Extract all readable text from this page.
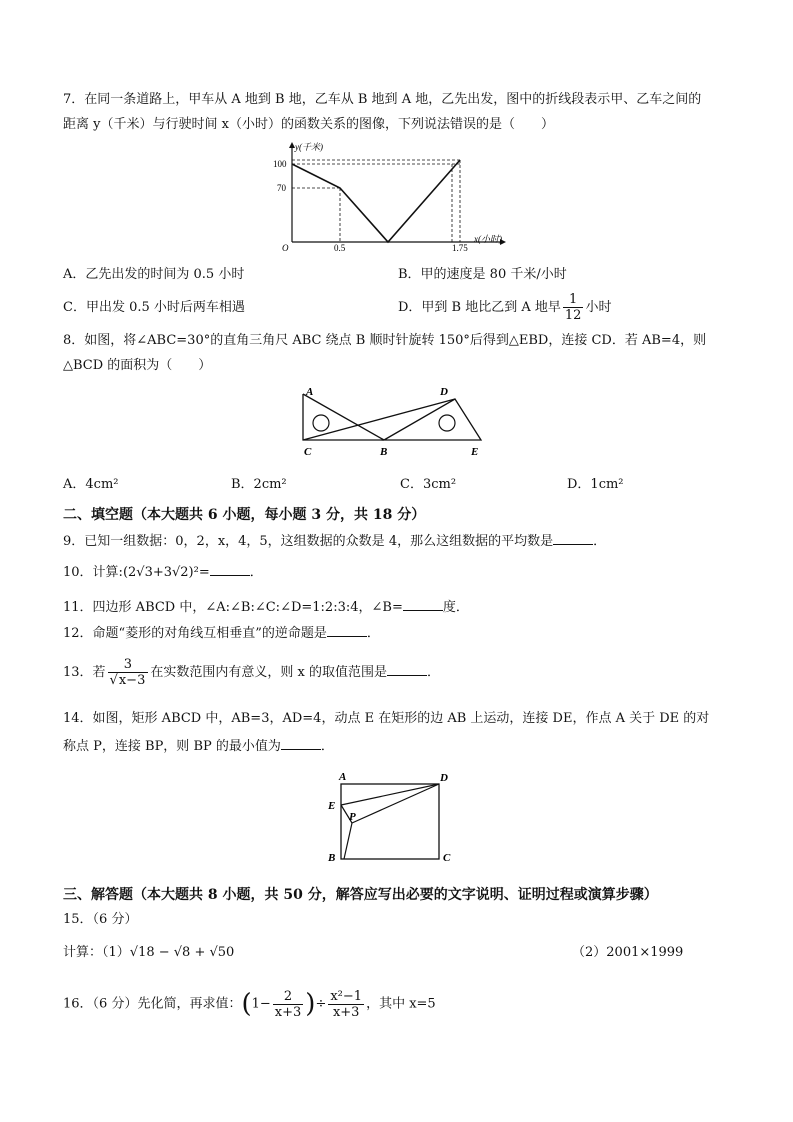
7．在同一条道路上，甲车从 A 地到 B 地，乙车从 B 地到 A 地，乙先出发，图中的折线段表示甲、乙车之间的
距离 y（千米）与行驶时间 x（小时）的函数关系的图像，下列说法错误的是（　　）
y(千米)
x(小时)
O
100
70
0.5	1.75
A．乙先出发的时间为 0.5 小时	B．甲的速度是 80 千米/小时
C．甲出发 0.5 小时后两车相遇	D．甲到 B 地比乙到 A 地早 $\frac{1}{12}$ 小时
8．如图，将∠ABC=30°的直角三角尺 ABC 绕点 B 顺时针旋转 150°后得到△EBD，连接 CD．若 AB=4，则
△BCD 的面积为（　　）
A	D
C	B	E
A．4cm²	B．2cm²	C．3cm²	D．1cm²
二、填空题（本大题共 6 小题，每小题 3 分，共 18 分）
9．已知一组数据：0，2，x，4，5，这组数据的众数是 4，那么这组数据的平均数是	．
10．计算:(2√3+3√2)²=	．
11．四边形 ABCD 中，∠A:∠B:∠C:∠D=1:2:3:4，∠B=	度．
12．命题“菱形的对角线互相垂直”的逆命题是	．
13．若 $\frac{3}{√x-3}$ 在实数范围内有意义，则 x 的取值范围是	．
14．如图，矩形 ABCD 中，AB=3，AD=4，动点 E 在矩形的边 AB 上运动，连接 DE，作点 A 关于 DE 的对
称点 P，连接 BP，则 BP 的最小值为	．
A	D
E
P
B	C
三、解答题（本大题共 8 小题，共 50 分，解答应写出必要的文字说明、证明过程或演算步骤）
15．（6 分）
计算：（1）√18 − √8 + √50	（2）2001×1999
16．（6 分）先化简，再求值：($1- \frac{2}{x+3}$ )÷ $\frac{\text{x²−1}}{x+3}$ ，其中 x=5
